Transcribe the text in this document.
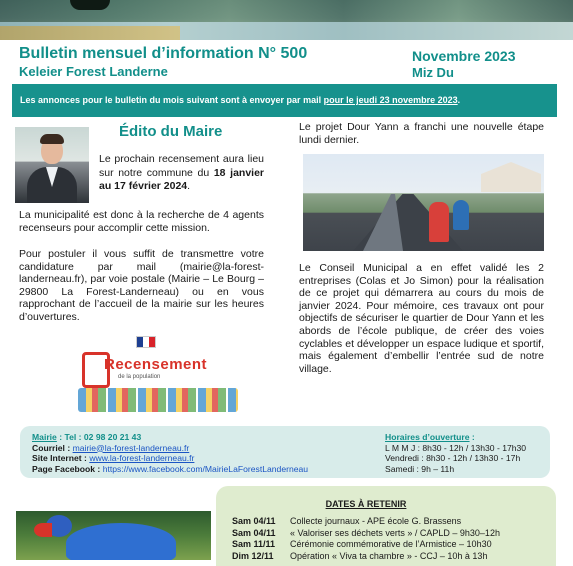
Bulletin mensuel d’information N° 500
Keleier Forest Landerne
Novembre 2023
Miz Du
Les annonces pour le bulletin du mois suivant sont à envoyer par mail pour le jeudi 23 novembre 2023.
Édito du Maire
Le prochain recensement aura lieu sur notre commune du 18 janvier au 17 février 2024.
La municipalité est donc à la recherche de 4 agents recenseurs pour accomplir cette mission.
Pour postuler il vous suffit de transmettre votre candidature par mail (mairie@la-forest-landerneau.fr), par voie postale (Mairie – Le Bourg – 29800 La Forest-Landerneau) ou en vous rapprochant de l’accueil de la mairie sur les heures d’ouvertures.
Recensement
de la population
Le projet Dour Yann a franchi une nouvelle étape lundi dernier.
Le Conseil Municipal a en effet validé les 2 entreprises (Colas et Jo Simon) pour la réalisation de ce projet qui démarrera au cours du mois de janvier 2024. Pour mémoire, ces travaux ont pour objectifs de sécuriser le quartier de Dour Yann et les abords de l’école publique, de créer des voies cyclables et développer un espace ludique et sportif, mais également d’embellir l’entrée sud de notre village.
Mairie : Tel : 02 98 20 21 43
Courriel : mairie@la-forest-landerneau.fr
Site Internet : www.la-forest-landerneau.fr
Page Facebook : https://www.facebook.com/MairieLaForestLanderneau
Horaires d’ouverture :
L M M J : 8h30 - 12h / 13h30 - 17h30
Vendredi : 8h30 - 12h / 13h30 - 17h
Samedi : 9h – 11h
DATES À RETENIR
Sam 04/11 Collecte journaux - APE école G. Brassens
Sam 04/11 « Valoriser ses déchets verts » / CAPLD – 9h30–12h
Sam 11/11 Cérémonie commémorative de l’Armistice – 10h30
Dim 12/11 Opération « Viva ta chambre » - CCJ – 10h à 13h
